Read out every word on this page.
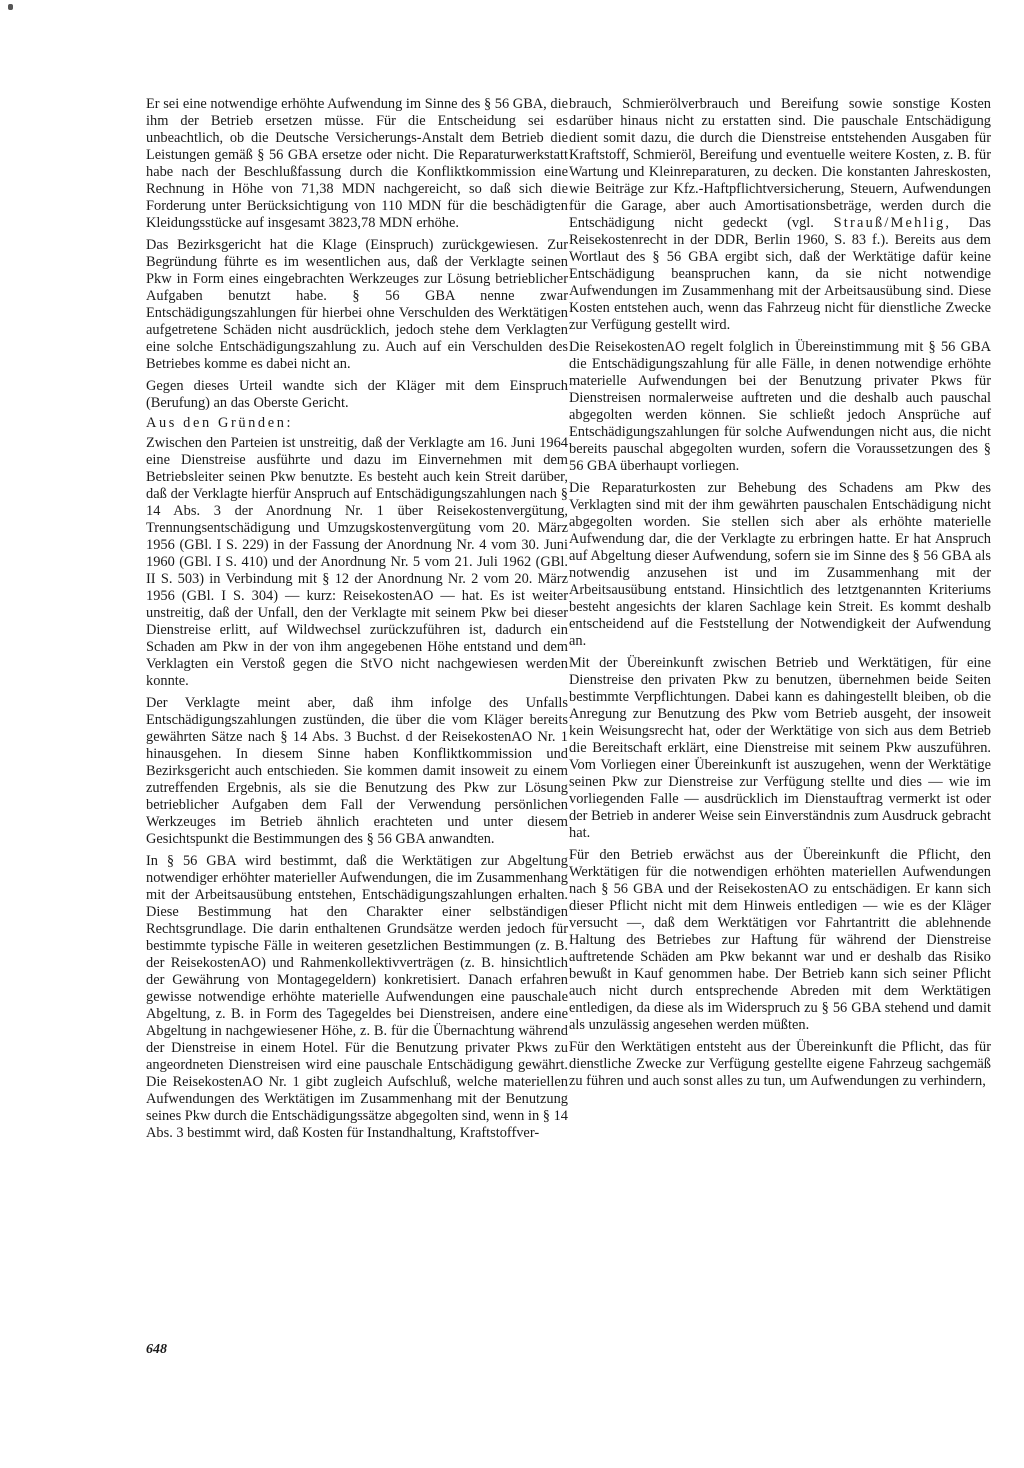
Er sei eine notwendige erhöhte Aufwendung im Sinne des § 56 GBA, die ihm der Betrieb ersetzen müsse. Für die Entscheidung sei es unbeachtlich, ob die Deutsche Versicherungs-Anstalt dem Betrieb die Leistungen gemäß § 56 GBA ersetze oder nicht. Die Reparaturwerkstatt habe nach der Beschlußfassung durch die Konfliktkommission eine Rechnung in Höhe von 71,38 MDN nachgereicht, so daß sich die Forderung unter Berücksichtigung von 110 MDN für die beschädigten Kleidungsstücke auf insgesamt 3823,78 MDN erhöhe.

Das Bezirksgericht hat die Klage (Einspruch) zurückgewiesen. Zur Begründung führte es im wesentlichen aus, daß der Verklagte seinen Pkw in Form eines eingebrachten Werkzeuges zur Lösung betrieblicher Aufgaben benutzt habe. § 56 GBA nenne zwar Entschädigungszahlungen für hierbei ohne Verschulden des Werktätigen aufgetretene Schäden nicht ausdrücklich, jedoch stehe dem Verklagten eine solche Entschädigungszahlung zu. Auch auf ein Verschulden des Betriebes komme es dabei nicht an.

Gegen dieses Urteil wandte sich der Kläger mit dem Einspruch (Berufung) an das Oberste Gericht.

Aus den Gründen:

Zwischen den Parteien ist unstreitig, daß der Verklagte am 16. Juni 1964 eine Dienstreise ausführte und dazu im Einvernehmen mit dem Betriebsleiter seinen Pkw benutzte. Es besteht auch kein Streit darüber, daß der Verklagte hierfür Anspruch auf Entschädigungszahlungen nach § 14 Abs. 3 der Anordnung Nr. 1 über Reisekostenvergütung, Trennungsentschädigung und Umzugskostenvergütung vom 20. März 1956 (GBl. I S. 229) in der Fassung der Anordnung Nr. 4 vom 30. Juni 1960 (GBl. I S. 410) und der Anordnung Nr. 5 vom 21. Juli 1962 (GBl. II S. 503) in Verbindung mit § 12 der Anordnung Nr. 2 vom 20. März 1956 (GBl. I S. 304) — kurz: ReisekostenAO — hat. Es ist weiter unstreitig, daß der Unfall, den der Verklagte mit seinem Pkw bei dieser Dienstreise erlitt, auf Wildwechsel zurückzuführen ist, dadurch ein Schaden am Pkw in der von ihm angegebenen Höhe entstand und dem Verklagten ein Verstoß gegen die StVO nicht nachgewiesen werden konnte.

Der Verklagte meint aber, daß ihm infolge des Unfalls Entschädigungszahlungen zustünden, die über die vom Kläger bereits gewährten Sätze nach § 14 Abs. 3 Buchst. d der ReisekostenAO Nr. 1 hinausgehen. In diesem Sinne haben Konfliktkommission und Bezirksgericht auch entschieden. Sie kommen damit insoweit zu einem zutreffenden Ergebnis, als sie die Benutzung des Pkw zur Lösung betrieblicher Aufgaben dem Fall der Verwendung persönlichen Werkzeuges im Betrieb ähnlich erachteten und unter diesem Gesichtspunkt die Bestimmungen des § 56 GBA anwandten.

In § 56 GBA wird bestimmt, daß die Werktätigen zur Abgeltung notwendiger erhöhter materieller Aufwendungen, die im Zusammenhang mit der Arbeitsausübung entstehen, Entschädigungszahlungen erhalten. Diese Bestimmung hat den Charakter einer selbständigen Rechtsgrundlage. Die darin enthaltenen Grundsätze werden jedoch für bestimmte typische Fälle in weiteren gesetzlichen Bestimmungen (z. B. der ReisekostenAO) und Rahmenkollektivverträgen (z. B. hinsichtlich der Gewährung von Montagegeldern) konkretisiert. Danach erfahren gewisse notwendige erhöhte materielle Aufwendungen eine pauschale Abgeltung, z. B. in Form des Tagegeldes bei Dienstreisen, andere eine Abgeltung in nachgewiesener Höhe, z. B. für die Übernachtung während der Dienstreise in einem Hotel. Für die Benutzung privater Pkws zu angeordneten Dienstreisen wird eine pauschale Entschädigung gewährt. Die ReisekostenAO Nr. 1 gibt zugleich Aufschluß, welche materiellen Aufwendungen des Werktätigen im Zusammenhang mit der Benutzung seines Pkw durch die Entschädigungssätze abgegolten sind, wenn in § 14 Abs. 3 bestimmt wird, daß Kosten für Instandhaltung, Kraftstoffver-

brauch, Schmierölverbrauch und Bereifung sowie sonstige Kosten darüber hinaus nicht zu erstatten sind. Die pauschale Entschädigung dient somit dazu, die durch die Dienstreise entstehenden Ausgaben für Kraftstoff, Schmieröl, Bereifung und eventuelle weitere Kosten, z. B. für Wartung und Kleinreparaturen, zu decken. Die konstanten Jahreskosten, wie Beiträge zur Kfz.-Haftpflichtversicherung, Steuern, Aufwendungen für die Garage, aber auch Amortisationsbeträge, werden durch die Entschädigung nicht gedeckt (vgl. Strauß/Mehlig, Das Reisekostenrecht in der DDR, Berlin 1960, S. 83 f.). Bereits aus dem Wortlaut des § 56 GBA ergibt sich, daß der Werktätige dafür keine Entschädigung beanspruchen kann, da sie nicht notwendige Aufwendungen im Zusammenhang mit der Arbeitsausübung sind. Diese Kosten entstehen auch, wenn das Fahrzeug nicht für dienstliche Zwecke zur Verfügung gestellt wird.

Die ReisekostenAO regelt folglich in Übereinstimmung mit § 56 GBA die Entschädigungszahlung für alle Fälle, in denen notwendige erhöhte materielle Aufwendungen bei der Benutzung privater Pkws für Dienstreisen normalerweise auftreten und die deshalb auch pauschal abgegolten werden können. Sie schließt jedoch Ansprüche auf Entschädigungszahlungen für solche Aufwendungen nicht aus, die nicht bereits pauschal abgegolten wurden, sofern die Voraussetzungen des § 56 GBA überhaupt vorliegen.

Die Reparaturkosten zur Behebung des Schadens am Pkw des Verklagten sind mit der ihm gewährten pauschalen Entschädigung nicht abgegolten worden. Sie stellen sich aber als erhöhte materielle Aufwendung dar, die der Verklagte zu erbringen hatte. Er hat Anspruch auf Abgeltung dieser Aufwendung, sofern sie im Sinne des § 56 GBA als notwendig anzusehen ist und im Zusammenhang mit der Arbeitsausübung entstand. Hinsichtlich des letztgenannten Kriteriums besteht angesichts der klaren Sachlage kein Streit. Es kommt deshalb entscheidend auf die Feststellung der Notwendigkeit der Aufwendung an.

Mit der Übereinkunft zwischen Betrieb und Werktätigen, für eine Dienstreise den privaten Pkw zu benutzen, übernehmen beide Seiten bestimmte Verpflichtungen. Dabei kann es dahingestellt bleiben, ob die Anregung zur Benutzung des Pkw vom Betrieb ausgeht, der insoweit kein Weisungsrecht hat, oder der Werktätige von sich aus dem Betrieb die Bereitschaft erklärt, eine Dienstreise mit seinem Pkw auszuführen. Vom Vorliegen einer Übereinkunft ist auszugehen, wenn der Werktätige seinen Pkw zur Dienstreise zur Verfügung stellte und dies — wie im vorliegenden Falle — ausdrücklich im Dienstauftrag vermerkt ist oder der Betrieb in anderer Weise sein Einverständnis zum Ausdruck gebracht hat.

Für den Betrieb erwächst aus der Übereinkunft die Pflicht, den Werktätigen für die notwendigen erhöhten materiellen Aufwendungen nach § 56 GBA und der ReisekostenAO zu entschädigen. Er kann sich dieser Pflicht nicht mit dem Hinweis entledigen — wie es der Kläger versucht —, daß dem Werktätigen vor Fahrtantritt die ablehnende Haltung des Betriebes zur Haftung für während der Dienstreise auftretende Schäden am Pkw bekannt war und er deshalb das Risiko bewußt in Kauf genommen habe. Der Betrieb kann sich seiner Pflicht auch nicht durch entsprechende Abreden mit dem Werktätigen entledigen, da diese als im Widerspruch zu § 56 GBA stehend und damit als unzulässig angesehen werden müßten.

Für den Werktätigen entsteht aus der Übereinkunft die Pflicht, das für dienstliche Zwecke zur Verfügung gestellte eigene Fahrzeug sachgemäß zu führen und auch sonst alles zu tun, um Aufwendungen zu verhindern,

648
